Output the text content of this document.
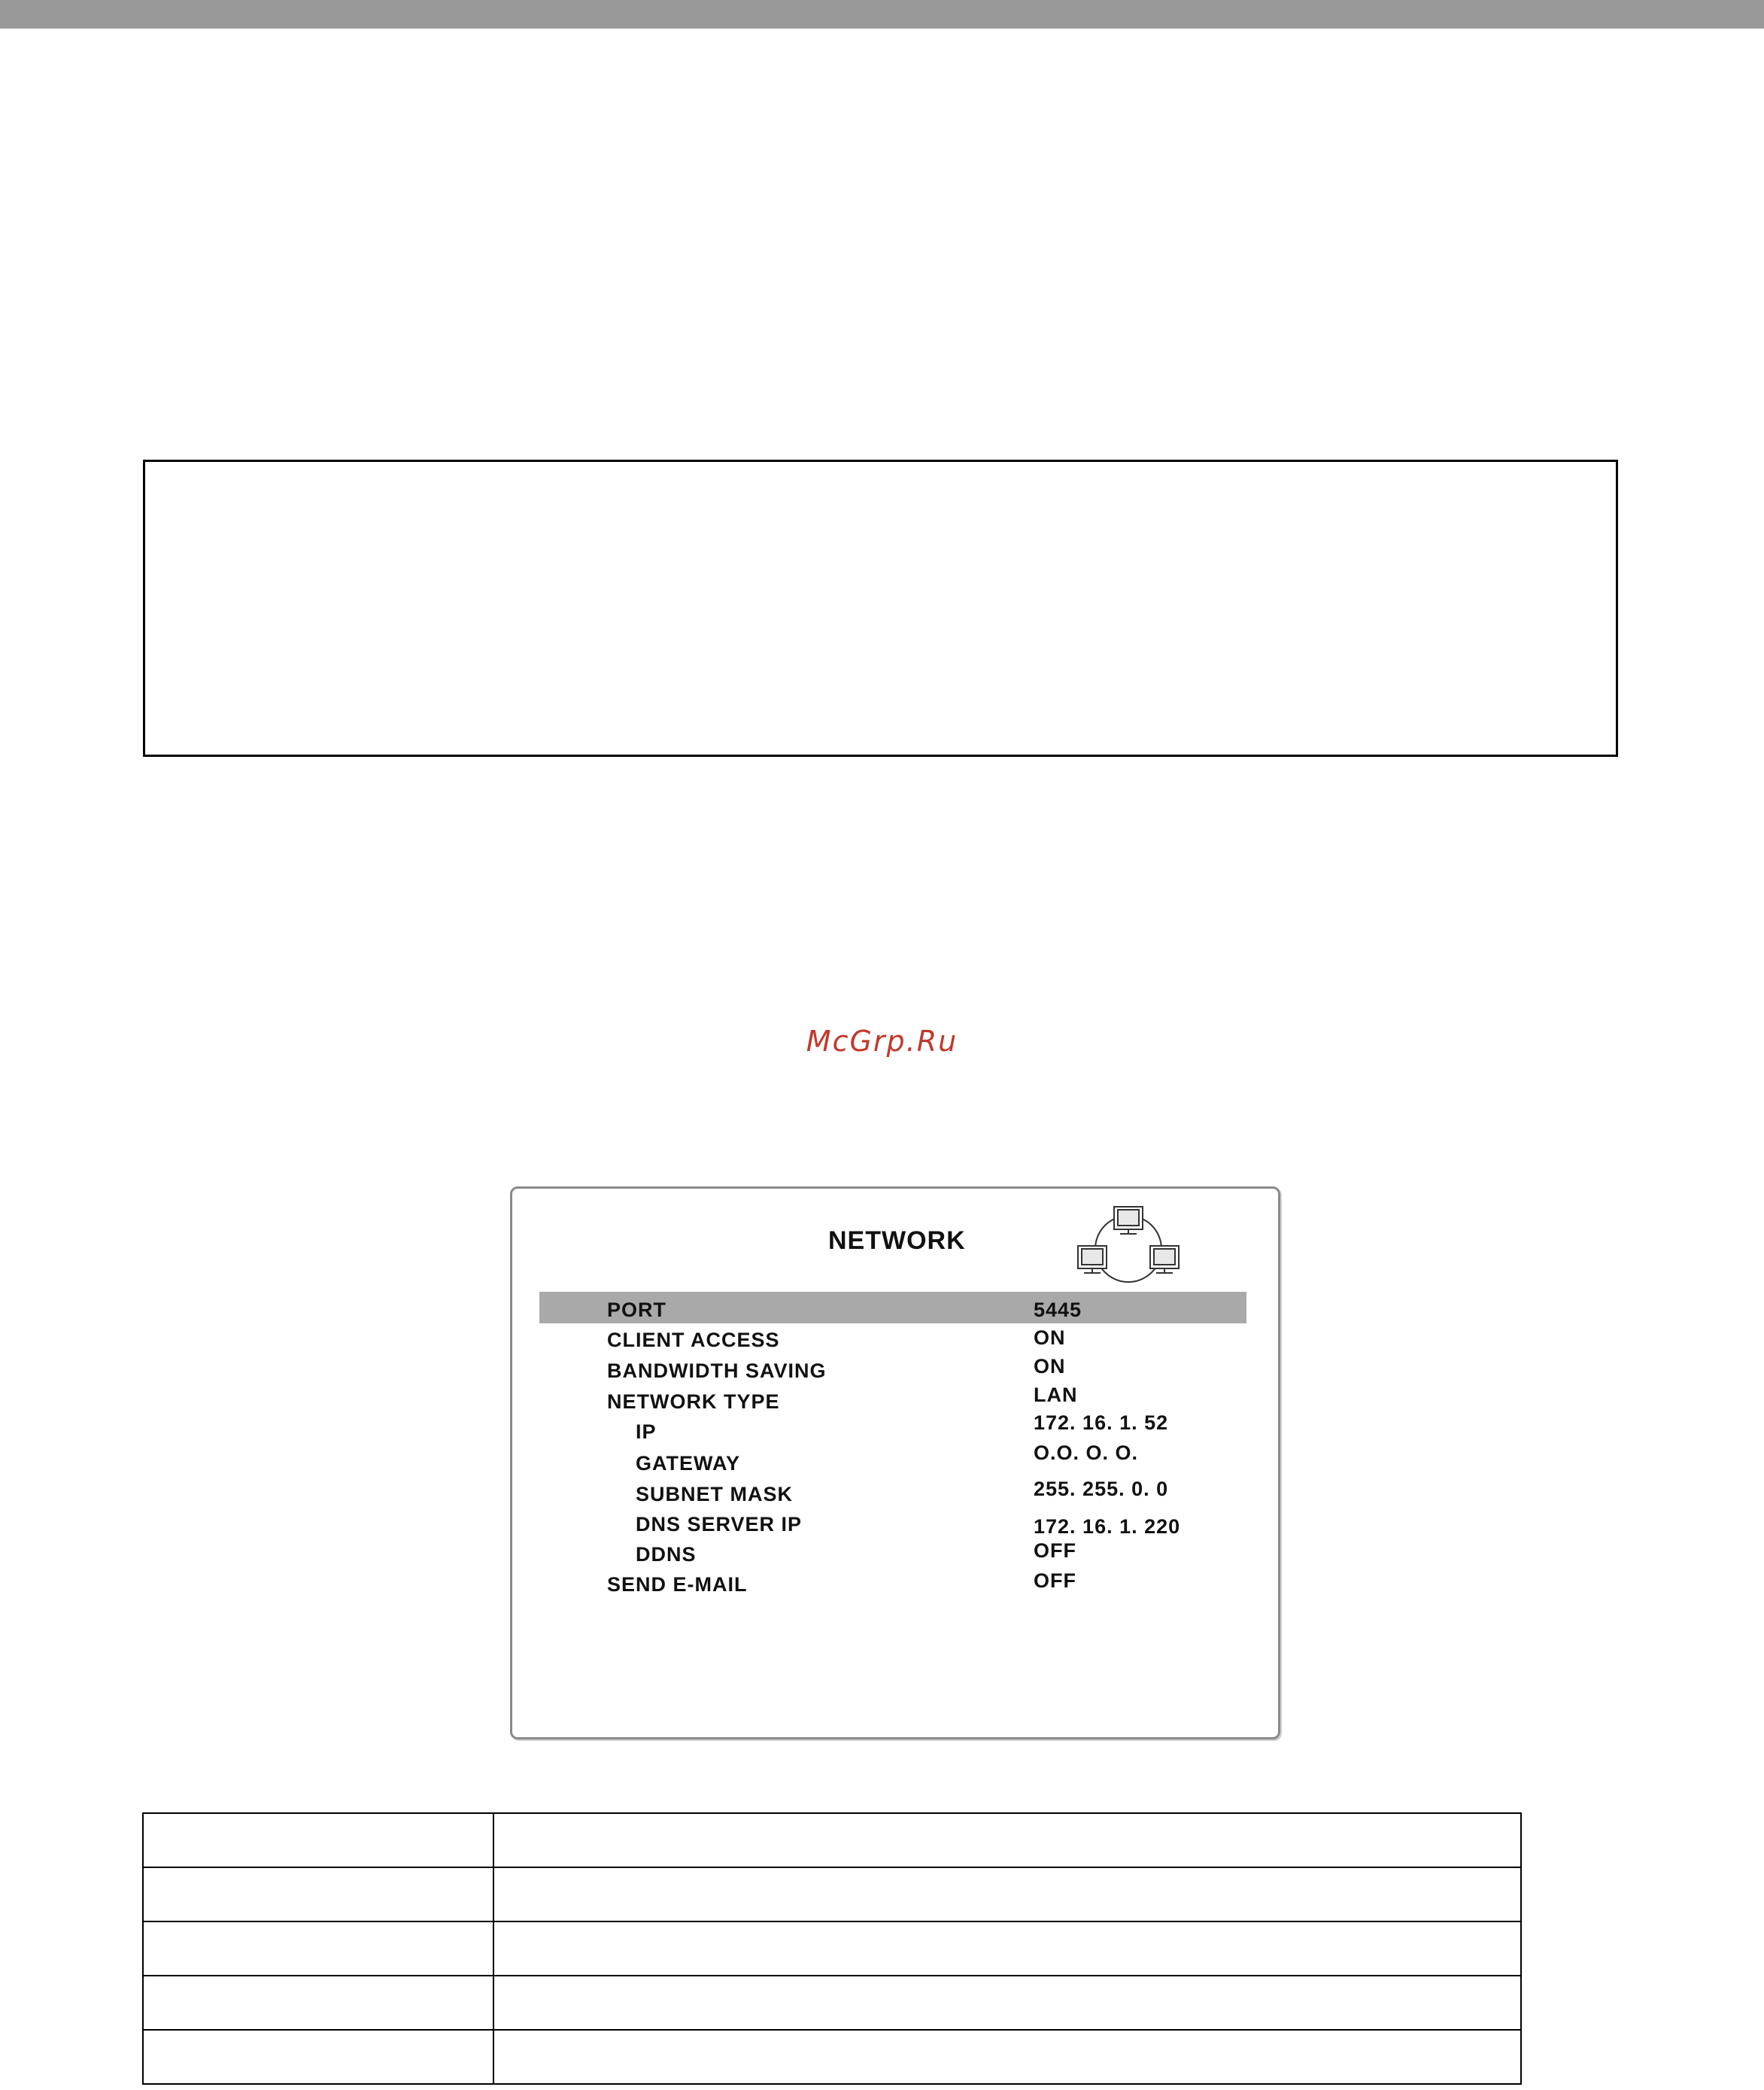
McGrp.Ru
NETWORK
PORT	5445
CLIENT ACCESS	ON
BANDWIDTH SAVING	ON
NETWORK TYPE	LAN
IP	172. 16. 1. 52
GATEWAY	O.O. O. O.
SUBNET MASK	255. 255. 0. 0
DNS SERVER IP	172. 16. 1. 220
DDNS	OFF
SEND E-MAIL	OFF
